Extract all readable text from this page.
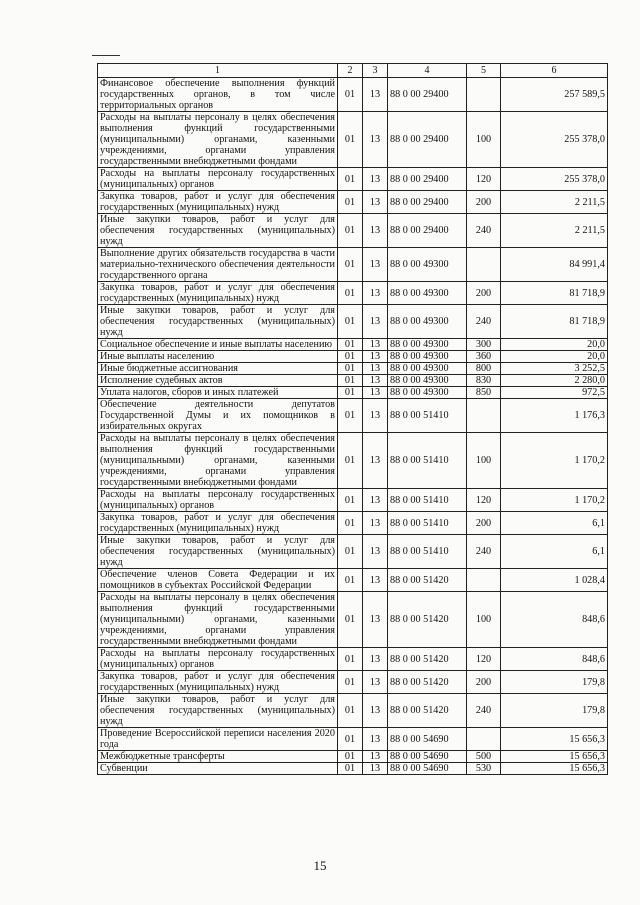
1	2	3	4	5	6
Финансовое обеспечение выполнения функций государственных органов, в том числе территориальных органов	01	13	88 0 00 29400		257 589,5
Расходы на выплаты персоналу в целях обеспечения выполнения функций государственными (муниципальными) органами, казенными учреждениями, органами управления государственными внебюджетными фондами	01	13	88 0 00 29400	100	255 378,0
Расходы на выплаты персоналу государственных (муниципальных) органов	01	13	88 0 00 29400	120	255 378,0
Закупка товаров, работ и услуг для обеспечения государственных (муниципальных) нужд	01	13	88 0 00 29400	200	2 211,5
Иные закупки товаров, работ и услуг для обеспечения государственных (муниципальных) нужд	01	13	88 0 00 29400	240	2 211,5
Выполнение других обязательств государства в части материально-технического обеспечения деятельности государственного органа	01	13	88 0 00 49300		84 991,4
Закупка товаров, работ и услуг для обеспечения государственных (муниципальных) нужд	01	13	88 0 00 49300	200	81 718,9
Иные закупки товаров, работ и услуг для обеспечения государственных (муниципальных) нужд	01	13	88 0 00 49300	240	81 718,9
Социальное обеспечение и иные выплаты населению	01	13	88 0 00 49300	300	20,0
Иные выплаты населению	01	13	88 0 00 49300	360	20,0
Иные бюджетные ассигнования	01	13	88 0 00 49300	800	3 252,5
Исполнение судебных актов	01	13	88 0 00 49300	830	2 280,0
Уплата налогов, сборов и иных платежей	01	13	88 0 00 49300	850	972,5
Обеспечение деятельности депутатов Государственной Думы и их помощников в избирательных округах	01	13	88 0 00 51410		1 176,3
Расходы на выплаты персоналу в целях обеспечения выполнения функций государственными (муниципальными) органами, казенными учреждениями, органами управления государственными внебюджетными фондами	01	13	88 0 00 51410	100	1 170,2
Расходы на выплаты персоналу государственных (муниципальных) органов	01	13	88 0 00 51410	120	1 170,2
Закупка товаров, работ и услуг для обеспечения государственных (муниципальных) нужд	01	13	88 0 00 51410	200	6,1
Иные закупки товаров, работ и услуг для обеспечения государственных (муниципальных) нужд	01	13	88 0 00 51410	240	6,1
Обеспечение членов Совета Федерации и их помощников в субъектах Российской Федерации	01	13	88 0 00 51420		1 028,4
Расходы на выплаты персоналу в целях обеспечения выполнения функций государственными (муниципальными) органами, казенными учреждениями, органами управления государственными внебюджетными фондами	01	13	88 0 00 51420	100	848,6
Расходы на выплаты персоналу государственных (муниципальных) органов	01	13	88 0 00 51420	120	848,6
Закупка товаров, работ и услуг для обеспечения государственных (муниципальных) нужд	01	13	88 0 00 51420	200	179,8
Иные закупки товаров, работ и услуг для обеспечения государственных (муниципальных) нужд	01	13	88 0 00 51420	240	179,8
Проведение Всероссийской переписи населения 2020 года	01	13	88 0 00 54690		15 656,3
Межбюджетные трансферты	01	13	88 0 00 54690	500	15 656,3
Субвенции	01	13	88 0 00 54690	530	15 656,3
15
